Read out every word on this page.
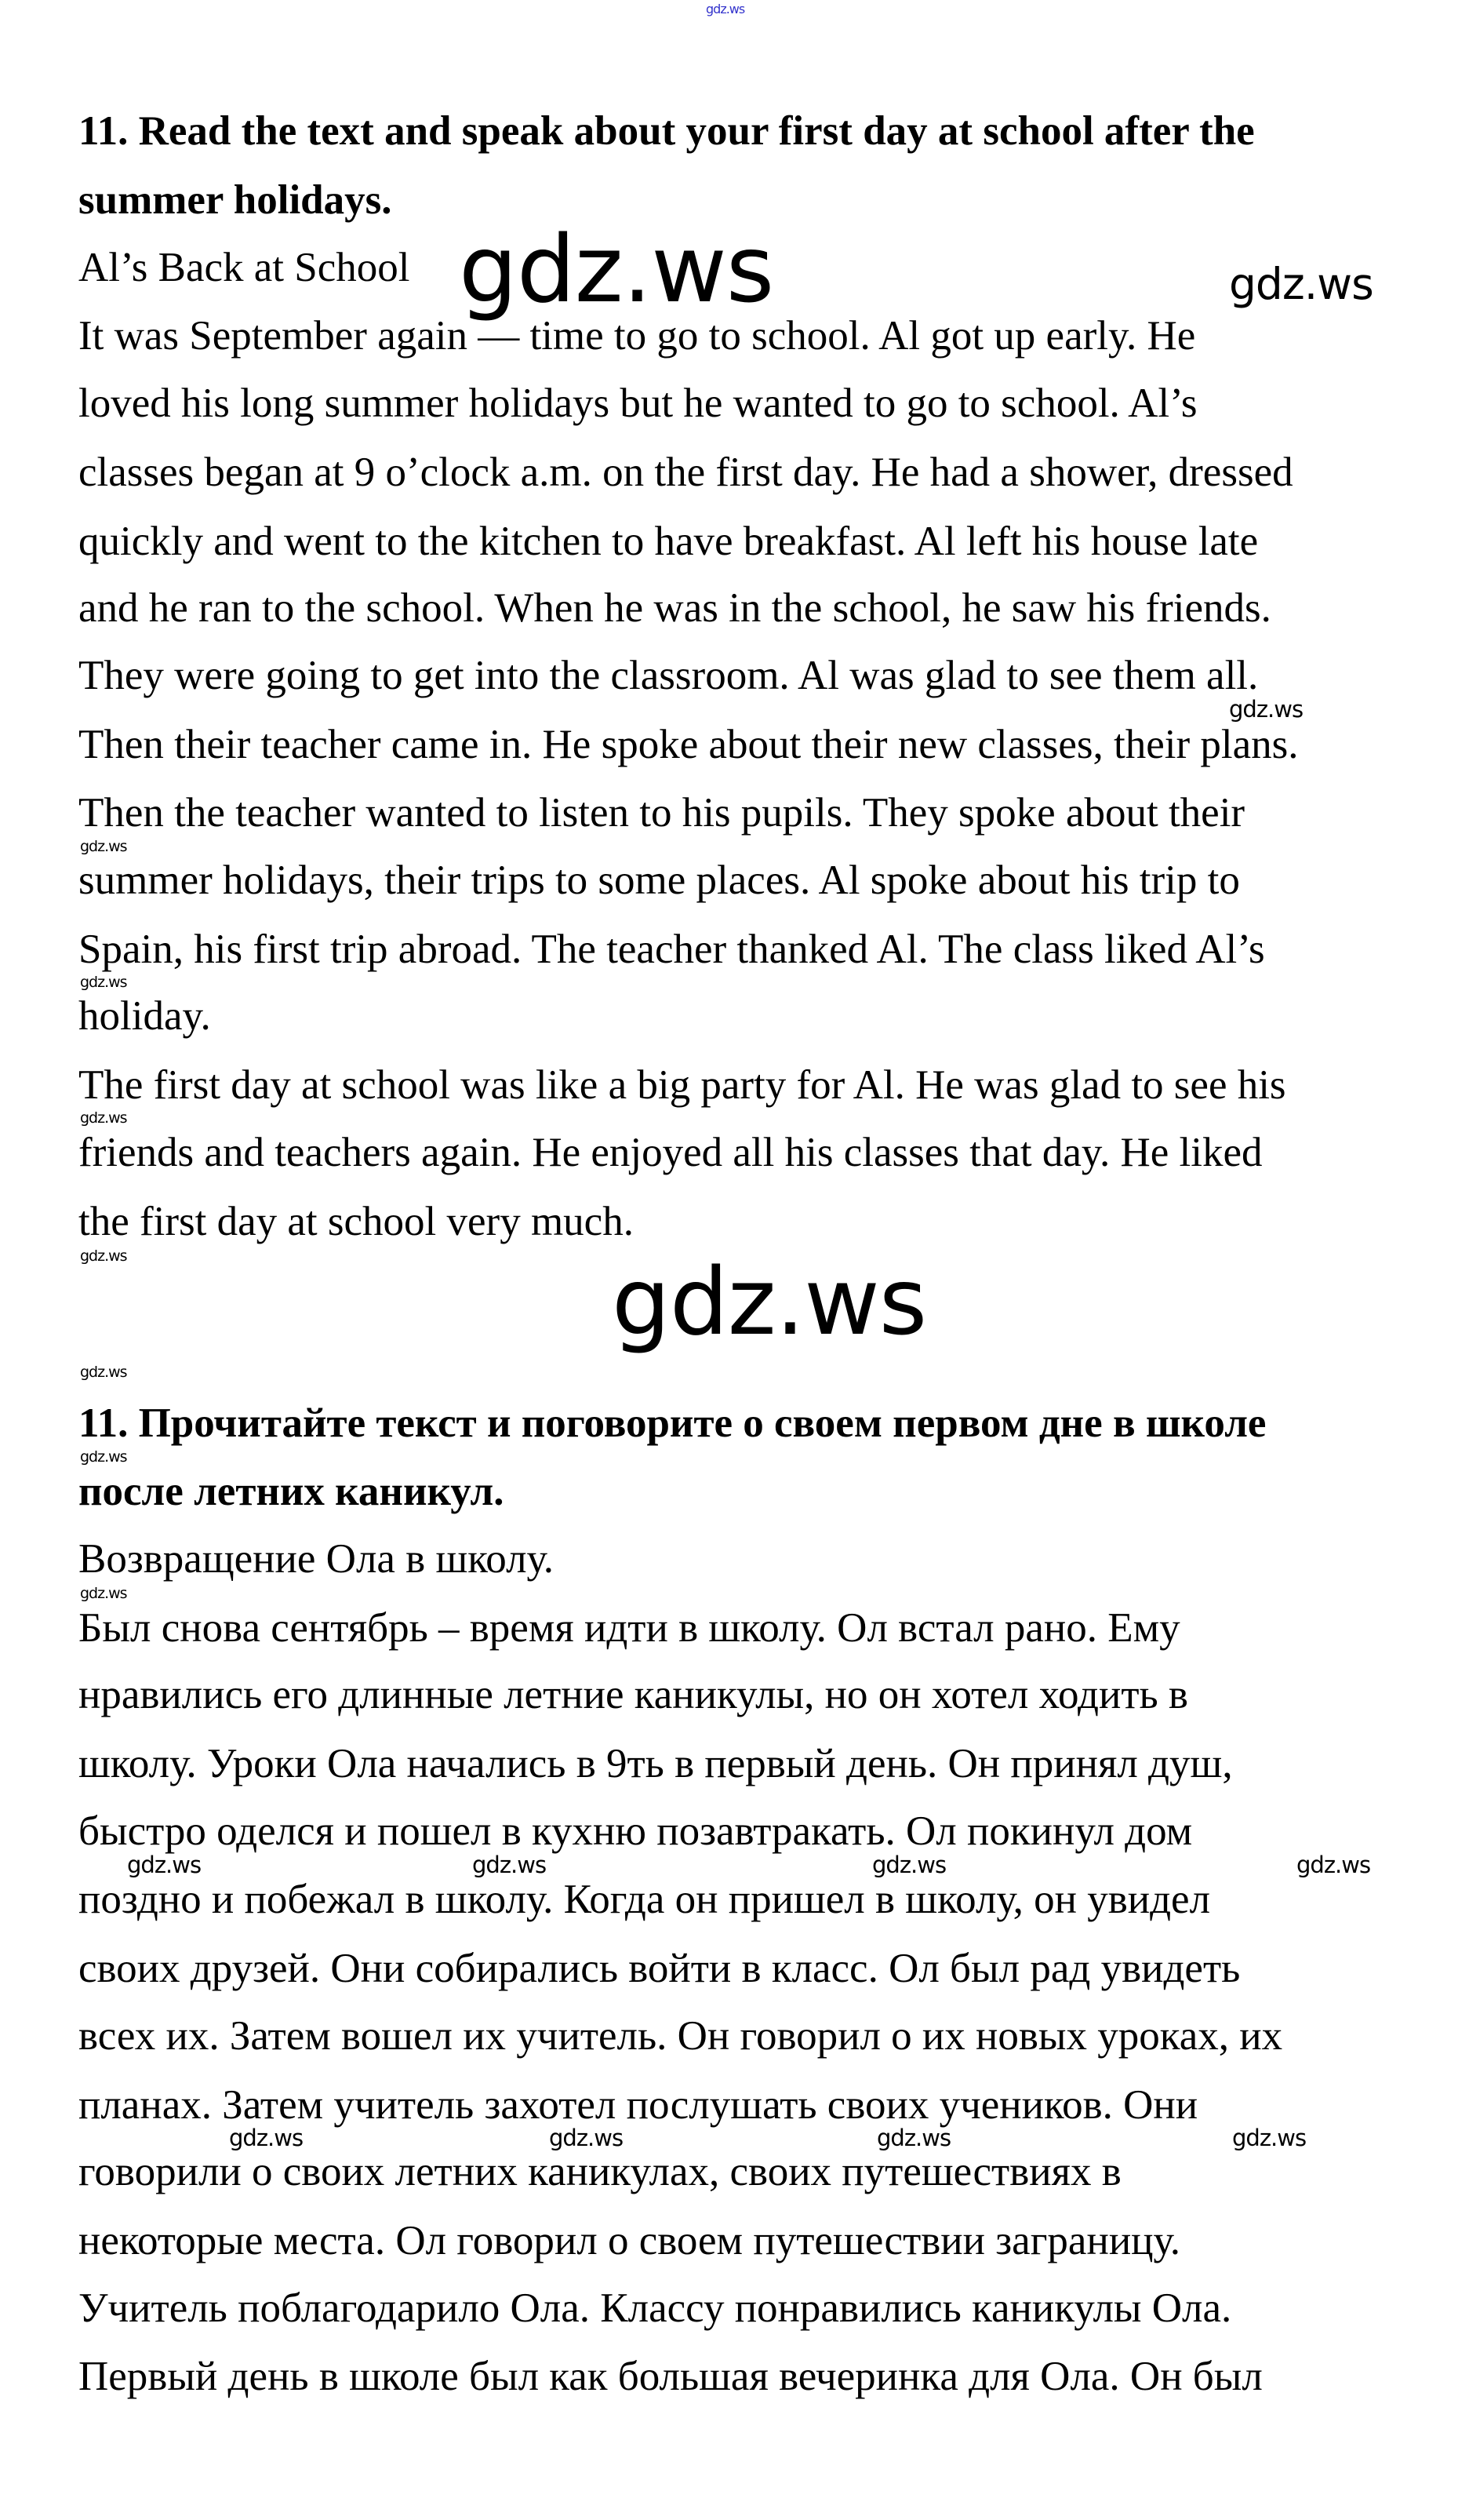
11. Read the text and speak about your first day at school after the
summer holidays.
Al’s Back at School
It was September again — time to go to school. Al got up early. He
loved his long summer holidays but he wanted to go to school. Al’s
classes began at 9 o’clock a.m. on the first day. He had a shower, dressed
quickly and went to the kitchen to have breakfast. Al left his house late
and he ran to the school. When he was in the school, he saw his friends.
They were going to get into the classroom. Al was glad to see them all.
Then their teacher came in. He spoke about their new classes, their plans.
Then the teacher wanted to listen to his pupils. They spoke about their
summer holidays, their trips to some places. Al spoke about his trip to
Spain, his first trip abroad. The teacher thanked Al. The class liked Al’s
holiday.
The first day at school was like a big party for Al. He was glad to see his
friends and teachers again. He enjoyed all his classes that day. He liked
the first day at school very much.
11. Прочитайте текст и поговорите о своем первом дне в школе
после летних каникул.
Возвращение Ола в школу.
Был снова сентябрь – время идти в школу. Ол встал рано. Ему
нравились его длинные летние каникулы, но он хотел ходить в
школу. Уроки Ола начались в 9ть в первый день. Он принял душ,
быстро оделся и пошел в кухню позавтракать. Ол покинул дом
поздно и побежал в школу. Когда он пришел в школу, он увидел
своих друзей. Они собирались войти в класс. Ол был рад увидеть
всех их. Затем вошел их учитель. Он говорил о их новых уроках, их
планах. Затем учитель захотел послушать своих учеников. Они
говорили о своих летних каникулах, своих путешествиях в
некоторые места. Ол говорил о своем путешествии заграницу.
Учитель поблагодарило Ола. Классу понравились каникулы Ола.
Первый день в школе был как большая вечеринка для Ола. Он был
gdz.ws
gdz.ws	gdz.ws
gdz.ws
gdz.ws
gdz.ws
gdz.ws
gdz.ws	gdz.ws
gdz.ws
gdz.ws
gdz.ws
gdz.ws	gdz.ws	gdz.ws	gdz.ws
gdz.ws	gdz.ws	gdz.ws	gdz.ws
